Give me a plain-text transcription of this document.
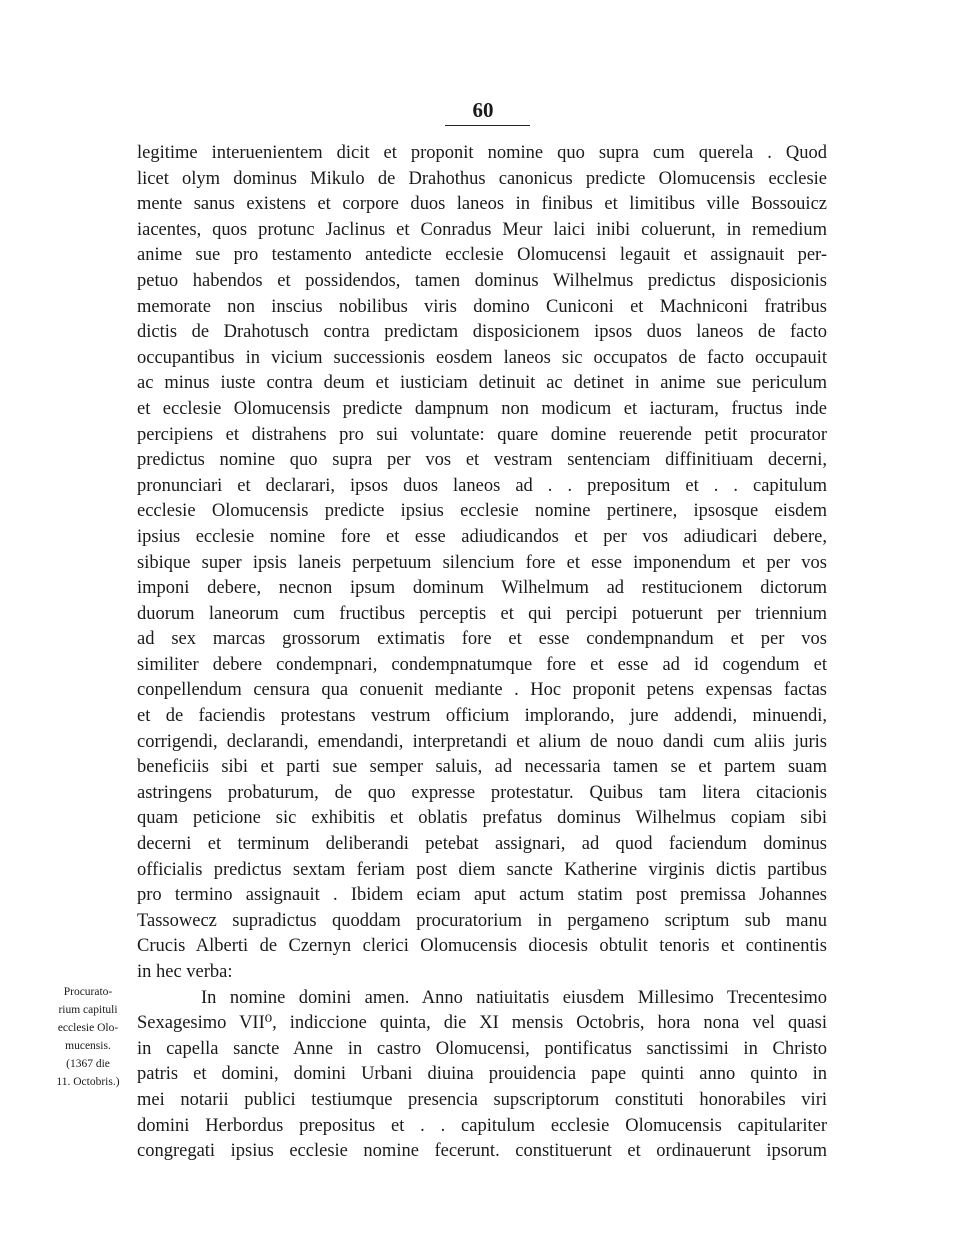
60
legitime interuenientem dicit et proponit nomine quo supra cum querela . Quod
licet olym dominus Mikulo de Drahothus canonicus predicte Olomucensis ecclesie
mente sanus existens et corpore duos laneos in finibus et limitibus ville Bossouicz
iacentes, quos protunc Jaclinus et Conradus Meur laici inibi coluerunt, in remedium
anime sue pro testamento antedicte ecclesie Olomucensi legauit et assignauit per-
petuo habendos et possidendos, tamen dominus Wilhelmus predictus disposicionis
memorate non inscius nobilibus viris domino Cuniconi et Machniconi fratribus
dictis de Drahotusch contra predictam disposicionem ipsos duos laneos de facto
occupantibus in vicium successionis eosdem laneos sic occupatos de facto occupauit
ac minus iuste contra deum et iusticiam detinuit ac detinet in anime sue periculum
et ecclesie Olomucensis predicte dampnum non modicum et iacturam, fructus inde
percipiens et distrahens pro sui voluntate: quare domine reuerende petit procurator
predictus nomine quo supra per vos et vestram sentenciam diffinitiuam decerni,
pronunciari et declarari, ipsos duos laneos ad . . prepositum et . . capitulum
ecclesie Olomucensis predicte ipsius ecclesie nomine pertinere, ipsosque eisdem
ipsius ecclesie nomine fore et esse adiudicandos et per vos adiudicari debere,
sibique super ipsis laneis perpetuum silencium fore et esse imponendum et per vos
imponi debere, necnon ipsum dominum Wilhelmum ad restitucionem dictorum
duorum laneorum cum fructibus perceptis et qui percipi potuerunt per triennium
ad sex marcas grossorum extimatis fore et esse condempnandum et per vos
similiter debere condempnari, condempnatumque fore et esse ad id cogendum et
conpellendum censura qua conuenit mediante . Hoc proponit petens expensas factas
et de faciendis protestans vestrum officium implorando, jure addendi, minuendi,
corrigendi, declarandi, emendandi, interpretandi et alium de nouo dandi cum aliis juris
beneficiis sibi et parti sue semper saluis, ad necessaria tamen se et partem suam
astringens probaturum, de quo expresse protestatur. Quibus tam litera citacionis
quam peticione sic exhibitis et oblatis prefatus dominus Wilhelmus copiam sibi
decerni et terminum deliberandi petebat assignari, ad quod faciendum dominus
officialis predictus sextam feriam post diem sancte Katherine virginis dictis partibus
pro termino assignauit . Ibidem eciam aput actum statim post premissa Johannes
Tassowecz supradictus quoddam procuratorium in pergameno scriptum sub manu
Crucis Alberti de Czernyn clerici Olomucensis diocesis obtulit tenoris et continentis
in hec verba:
In nomine domini amen. Anno natiuitatis eiusdem Millesimo Trecentesimo
Sexagesimo VII⁰, indiccione quinta, die XI mensis Octobris, hora nona vel quasi
in capella sancte Anne in castro Olomucensi, pontificatus sanctissimi in Christo
patris et domini, domini Urbani diuina prouidencia pape quinti anno quinto in
mei notarii publici testiumque presencia supscriptorum constituti honorabiles viri
domini Herbordus prepositus et . . capitulum ecclesie Olomucensis capitulariter
congregati ipsius ecclesie nomine fecerunt. constituerunt et ordinauerunt ipsorum
Procurato-
rium capituli
ecclesie Olo-
mucensis.
(1367 die
11. Octobris.)
